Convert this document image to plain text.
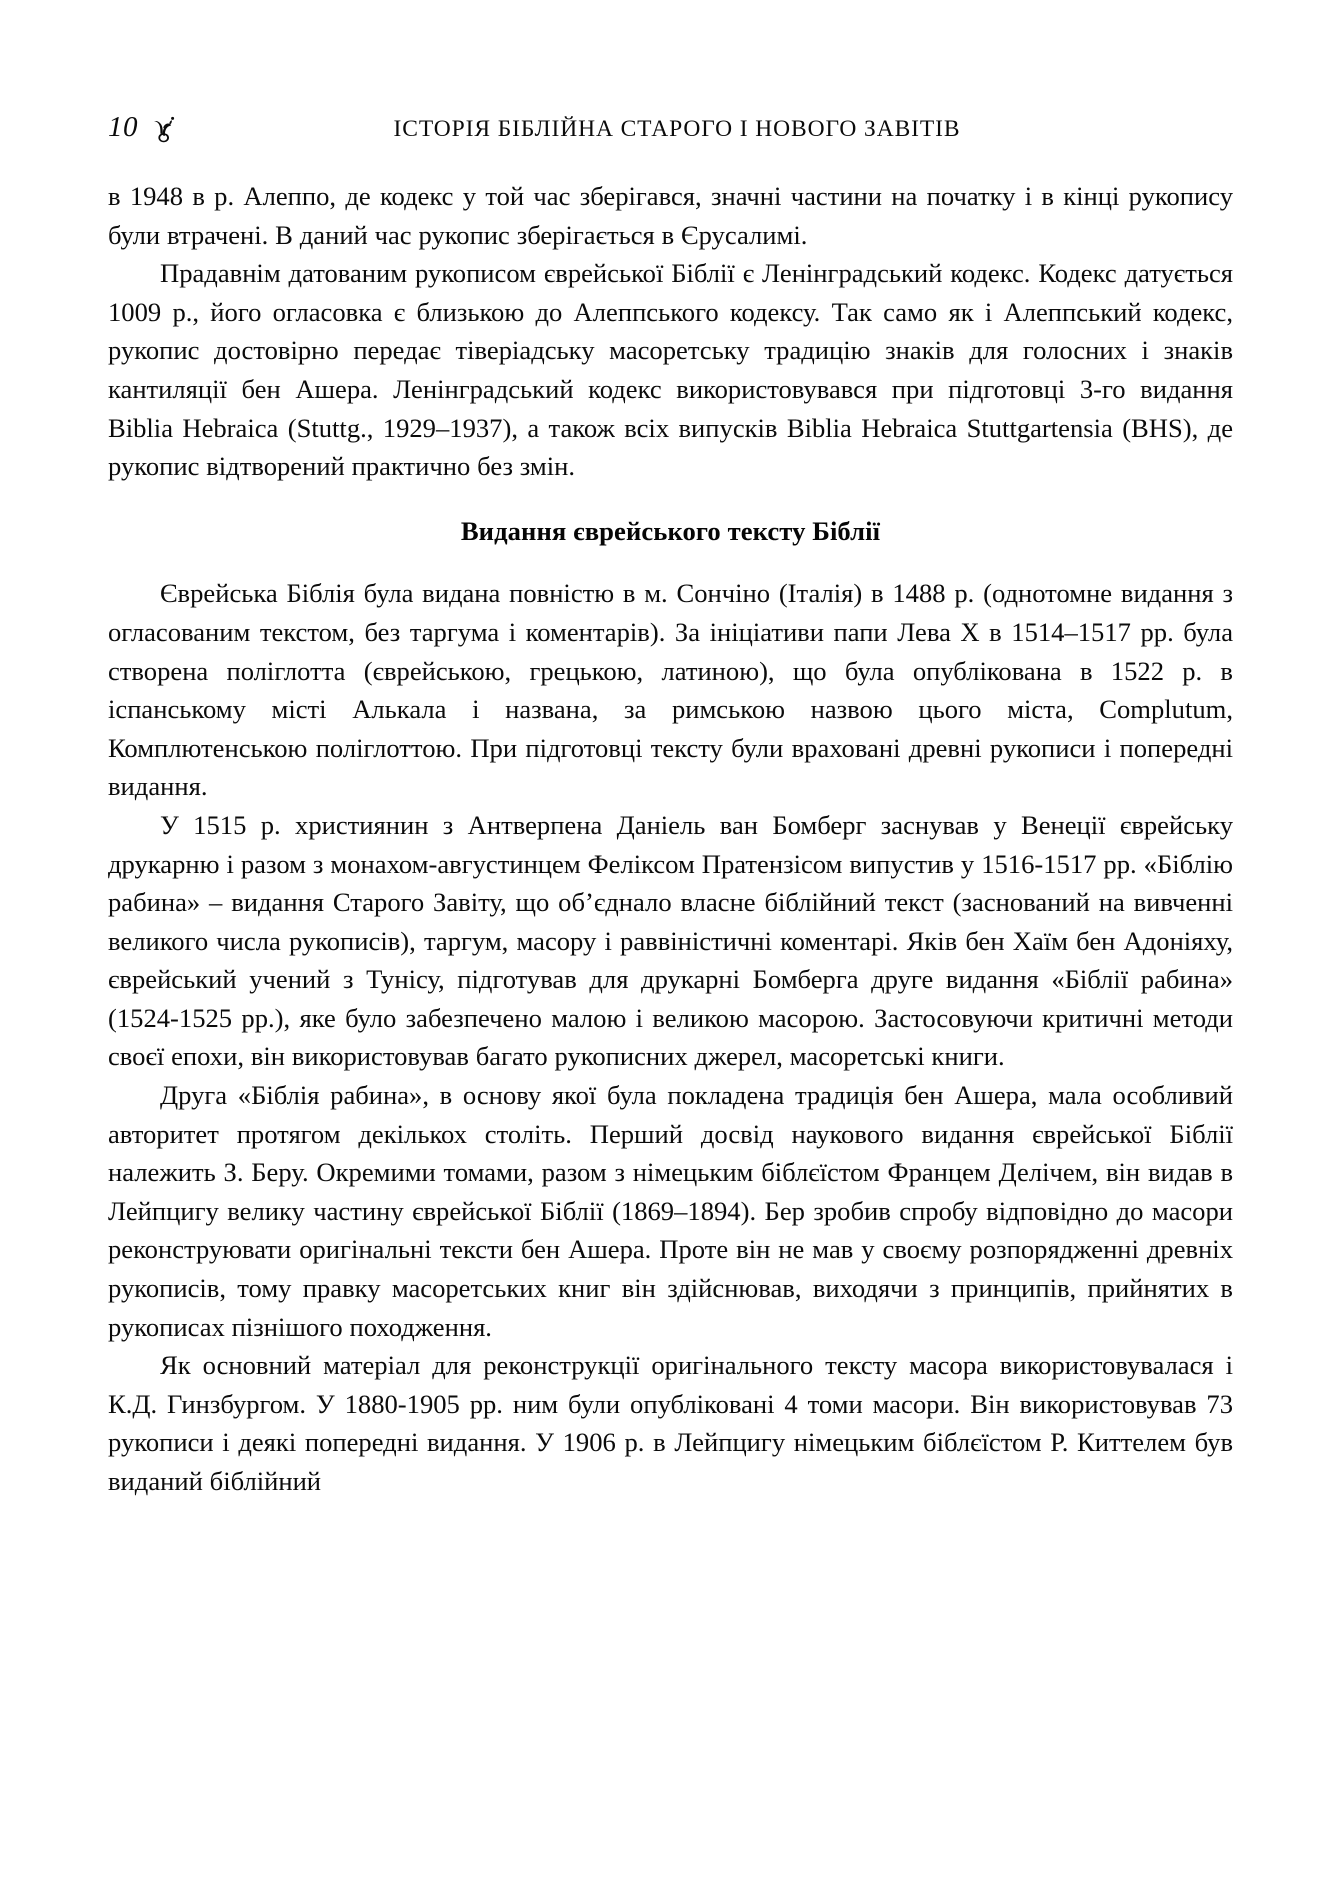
10	ІСТОРІЯ БІБЛІЙНА СТАРОГО І НОВОГО ЗАВІТІВ

в 1948 в р. Алеппо, де кодекс у той час зберігався, значні частини на початку і в кінці рукопису були втрачені. В даний час рукопис зберігається в Єрусалимі.

Прадавнім датованим рукописом єврейської Біблії є Ленінградський кодекс. Кодекс датується 1009 р., його огласовка є близькою до Алеппського кодексу. Так само як і Алеппський кодекс, рукопис достовірно передає тіверіадську масоретську традицію знаків для голосних і знаків кантиляції бен Ашера. Ленінградський кодекс використовувався при підготовці 3-го видання Biblia Hebraica (Stuttg., 1929–1937), а також всіх випусків Biblia Hebraica Stuttgartensia (BHS), де рукопис відтворений практично без змін.

Видання єврейського тексту Біблії

Єврейська Біблія була видана повністю в м. Сончіно (Італія) в 1488 р. (однотомне видання з огласованим текстом, без таргума і коментарів). За ініціативи папи Лева X в 1514–1517 рр. була створена поліглотта (єврейською, грецькою, латиною), що була опублікована в 1522 р. в іспанському місті Алькала і названа, за римською назвою цього міста, Complutum, Комплютенською поліглоттою. При підготовці тексту були враховані древні рукописи і попередні видання.

У 1515 р. християнин з Антверпена Даніель ван Бомберг заснував у Венеції єврейську друкарню і разом з монахом-августинцем Феліксом Пратензісом випустив у 1516-1517 рр. «Біблію рабина» – видання Старого Завіту, що об’єднало власне біблійний текст (заснований на вивченні великого числа рукописів), таргум, масору і раввіністичні коментарі. Яків бен Хаїм бен Адоніяху, єврейський учений з Тунісу, підготував для друкарні Бомберга друге видання «Біблії рабина» (1524-1525 рр.), яке було забезпечено малою і великою масорою. Застосовуючи критичні методи своєї епохи, він використовував багато рукописних джерел, масоретські книги.

Друга «Біблія рабина», в основу якої була покладена традиція бен Ашера, мала особливий авторитет протягом декількох століть. Перший досвід наукового видання єврейської Біблії належить З. Беру. Окремими томами, разом з німецьким біблєїстом Францем Делічем, він видав в Лейпцигу велику частину єврейської Біблії (1869–1894). Бер зробив спробу відповідно до масори реконструювати оригінальні тексти бен Ашера. Проте він не мав у своєму розпорядженні древніх рукописів, тому правку масоретських книг він здійснював, виходячи з принципів, прийнятих в рукописах пізнішого походження.

Як основний матеріал для реконструкції оригінального тексту масора використовувалася і К.Д. Гинзбургом. У 1880-1905 рр. ним були опубліковані 4 томи масори. Він використовував 73 рукописи і деякі попередні видання. У 1906 р. в Лейпцигу німецьким біблєїстом Р. Киттелем був виданий біблійний
